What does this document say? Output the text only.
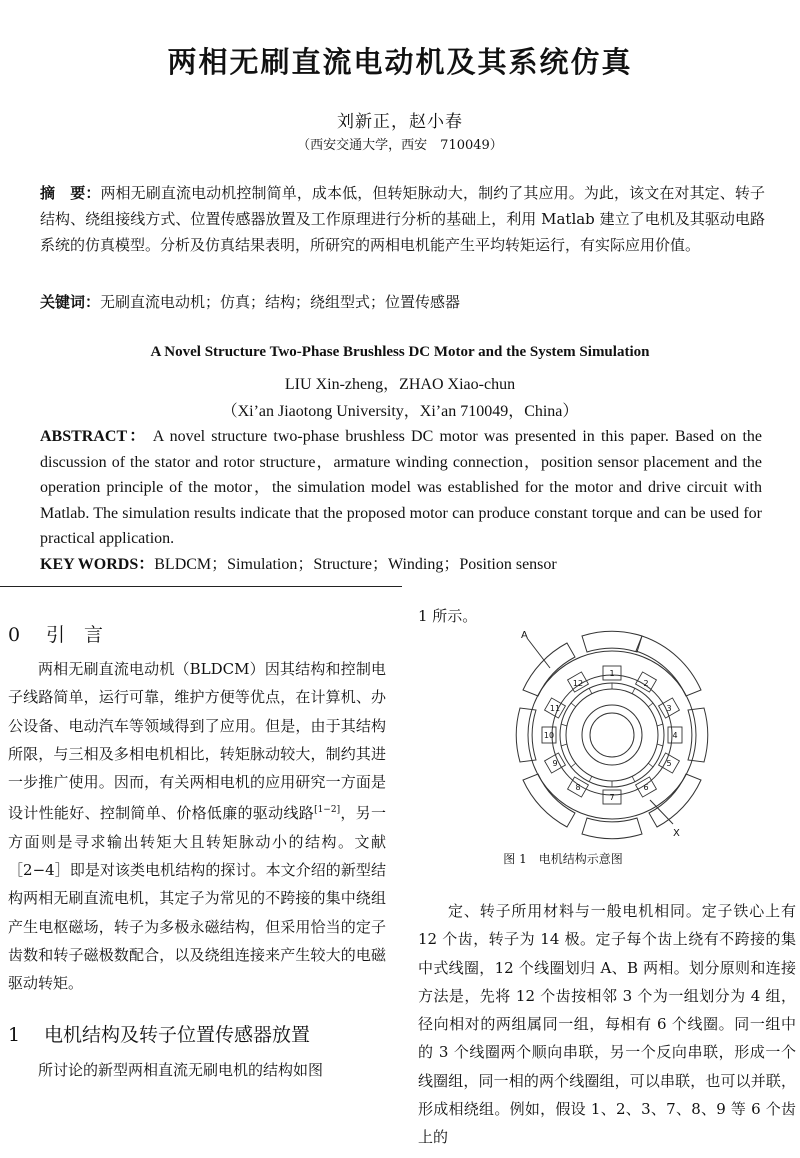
两相无刷直流电动机及其系统仿真
刘新正，赵小春
（西安交通大学，西安　710049）
摘　要：两相无刷直流电动机控制简单，成本低，但转矩脉动大，制约了其应用。为此，该文在对其定、转子结构、绕组接线方式、位置传感器放置及工作原理进行分析的基础上，利用 Matlab 建立了电机及其驱动电路系统的仿真模型。分析及仿真结果表明，所研究的两相电机能产生平均转矩运行，有实际应用价值。
关键词：无刷直流电动机；仿真；结构；绕组型式；位置传感器
A Novel Structure Two-Phase Brushless DC Motor and the System Simulation
LIU Xin-zheng，ZHAO Xiao-chun
（Xi’an Jiaotong University，Xi’an 710049，China）
ABSTRACT： A novel structure two-phase brushless DC motor was presented in this paper. Based on the discussion of the stator and rotor structure，armature winding connection，position sensor placement and the operation principle of the motor，the simulation model was established for the motor and drive circuit with Matlab. The simulation results indicate that the proposed motor can produce constant torque and can be used for practical application.
KEY WORDS：BLDCM；Simulation；Structure；Winding；Position sensor
0 引　言
两相无刷直流电动机（BLDCM）因其结构和控制电子线路简单，运行可靠，维护方便等优点，在计算机、办公设备、电动汽车等领域得到了应用。但是，由于其结构所限，与三相及多相电机相比，转矩脉动较大，制约其进一步推广使用。因而，有关两相电机的应用研究一方面是设计性能好、控制简单、价格低廉的驱动线路[1−2]，另一方面则是寻求输出转矩大且转矩脉动小的结构。文献［2−4］即是对该类电机结构的探讨。本文介绍的新型结构两相无刷直流电机，其定子为常见的不跨接的集中绕组产生电枢磁场，转子为多极永磁结构，但采用恰当的定子齿数和转子磁极数配合，以及绕组连接来产生较大的电磁驱动转矩。
1 电机结构及转子位置传感器放置
所讨论的新型两相直流无刷电机的结构如图
1 所示。
1
2
3
4
5
6
7
8
9
10
11
12
A
X
图 1　电机结构示意图
定、转子所用材料与一般电机相同。定子铁心上有 12 个齿，转子为 14 极。定子每个齿上绕有不跨接的集中式线圈，12 个线圈划归 A、B 两相。划分原则和连接方法是，先将 12 个齿按相邻 3 个为一组划分为 4 组，径向相对的两组属同一组，每相有 6 个线圈。同一组中的 3 个线圈两个顺向串联，另一个反向串联，形成一个线圈组，同一相的两个线圈组，可以串联，也可以并联，形成相绕组。例如，假设 1、2、3、7、8、9 等 6 个齿上的
